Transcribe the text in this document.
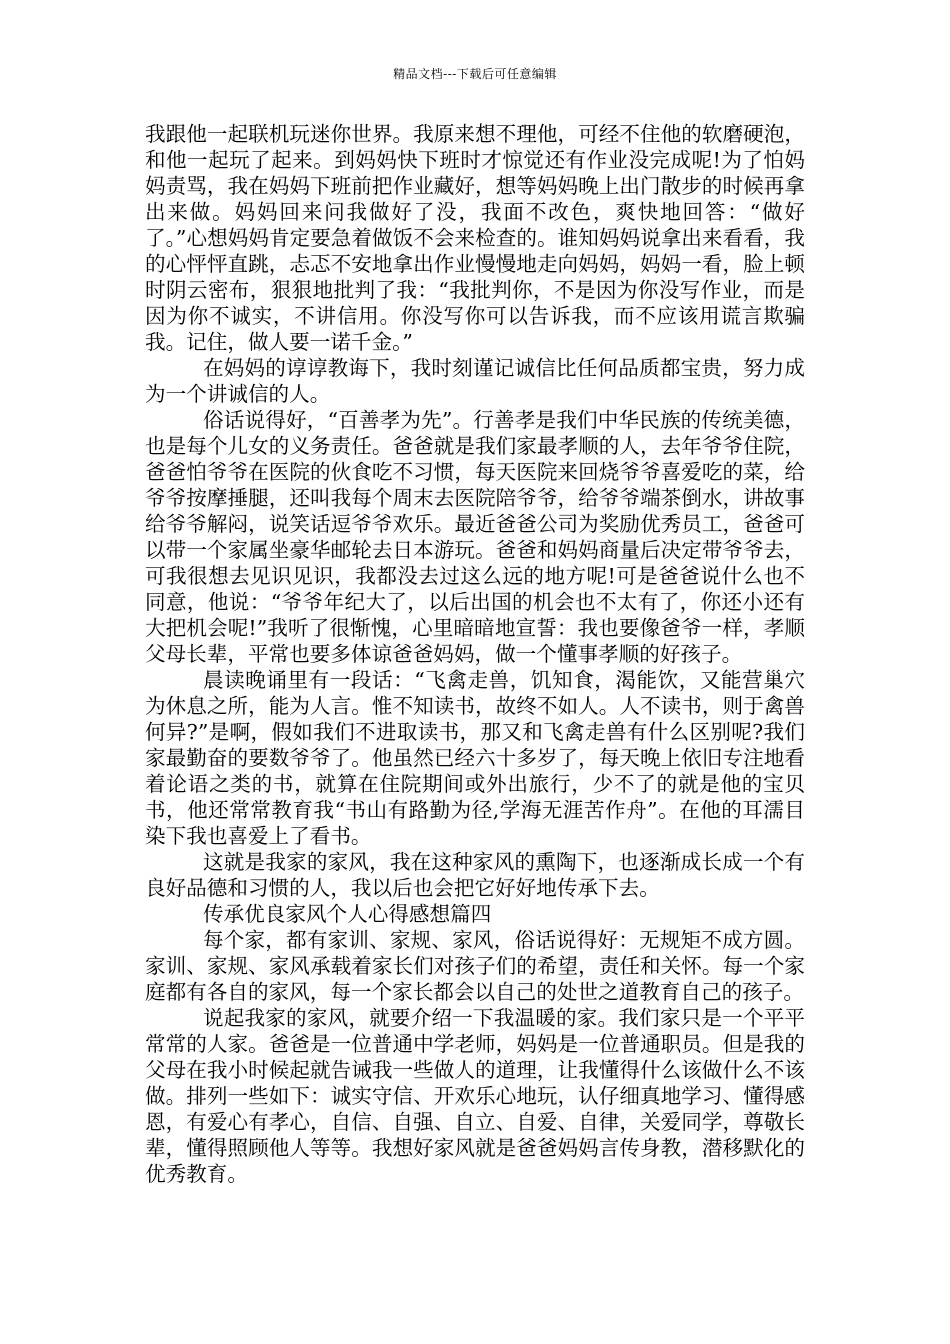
精品文档---下载后可任意编辑

我跟他一起联机玩迷你世界。我原来想不理他，可经不住他的软磨硬泡，和他一起玩了起来。到妈妈快下班时才惊觉还有作业没完成呢!为了怕妈妈责骂，我在妈妈下班前把作业藏好，想等妈妈晚上出门散步的时候再拿出来做。妈妈回来问我做好了没，我面不改色，爽快地回答：“做好了。”心想妈妈肯定要急着做饭不会来检查的。谁知妈妈说拿出来看看，我的心怦怦直跳，忐忑不安地拿出作业慢慢地走向妈妈，妈妈一看，脸上顿时阴云密布，狠狠地批判了我：“我批判你，不是因为你没写作业，而是因为你不诚实，不讲信用。你没写你可以告诉我，而不应该用谎言欺骗我。记住，做人要一诺千金。”

在妈妈的谆谆教诲下，我时刻谨记诚信比任何品质都宝贵，努力成为一个讲诚信的人。

俗话说得好，“百善孝为先”。行善孝是我们中华民族的传统美德，也是每个儿女的义务责任。爸爸就是我们家最孝顺的人，去年爷爷住院，爸爸怕爷爷在医院的伙食吃不习惯，每天医院来回烧爷爷喜爱吃的菜，给爷爷按摩捶腿，还叫我每个周末去医院陪爷爷，给爷爷端茶倒水，讲故事给爷爷解闷，说笑话逗爷爷欢乐。最近爸爸公司为奖励优秀员工，爸爸可以带一个家属坐豪华邮轮去日本游玩。爸爸和妈妈商量后决定带爷爷去，可我很想去见识见识，我都没去过这么远的地方呢!可是爸爸说什么也不同意，他说：“爷爷年纪大了，以后出国的机会也不太有了，你还小还有大把机会呢!”我听了很惭愧，心里暗暗地宣誓：我也要像爸爷一样，孝顺父母长辈，平常也要多体谅爸爸妈妈，做一个懂事孝顺的好孩子。

晨读晚诵里有一段话：“飞禽走兽，饥知食，渴能饮，又能营巢穴为休息之所，能为人言。惟不知读书，故终不如人。人不读书，则于禽兽何异?”是啊，假如我们不进取读书，那又和飞禽走兽有什么区别呢?我们家最勤奋的要数爷爷了。他虽然已经六十多岁了，每天晚上依旧专注地看着论语之类的书，就算在住院期间或外出旅行，少不了的就是他的宝贝书，他还常常教育我“书山有路勤为径,学海无涯苦作舟”。在他的耳濡目染下我也喜爱上了看书。

这就是我家的家风，我在这种家风的熏陶下，也逐渐成长成一个有良好品德和习惯的人，我以后也会把它好好地传承下去。

传承优良家风个人心得感想篇四

每个家，都有家训、家规、家风，俗话说得好：无规矩不成方圆。家训、家规、家风承载着家长们对孩子们的希望，责任和关怀。每一个家庭都有各自的家风，每一个家长都会以自己的处世之道教育自己的孩子。

说起我家的家风，就要介绍一下我温暖的家。我们家只是一个平平常常的人家。爸爸是一位普通中学老师，妈妈是一位普通职员。但是我的父母在我小时候起就告诫我一些做人的道理，让我懂得什么该做什么不该做。排列一些如下：诚实守信、开欢乐心地玩，认仔细真地学习、懂得感恩，有爱心有孝心，自信、自强、自立、自爱、自律，关爱同学，尊敬长辈，懂得照顾他人等等。我想好家风就是爸爸妈妈言传身教，潜移默化的优秀教育。
